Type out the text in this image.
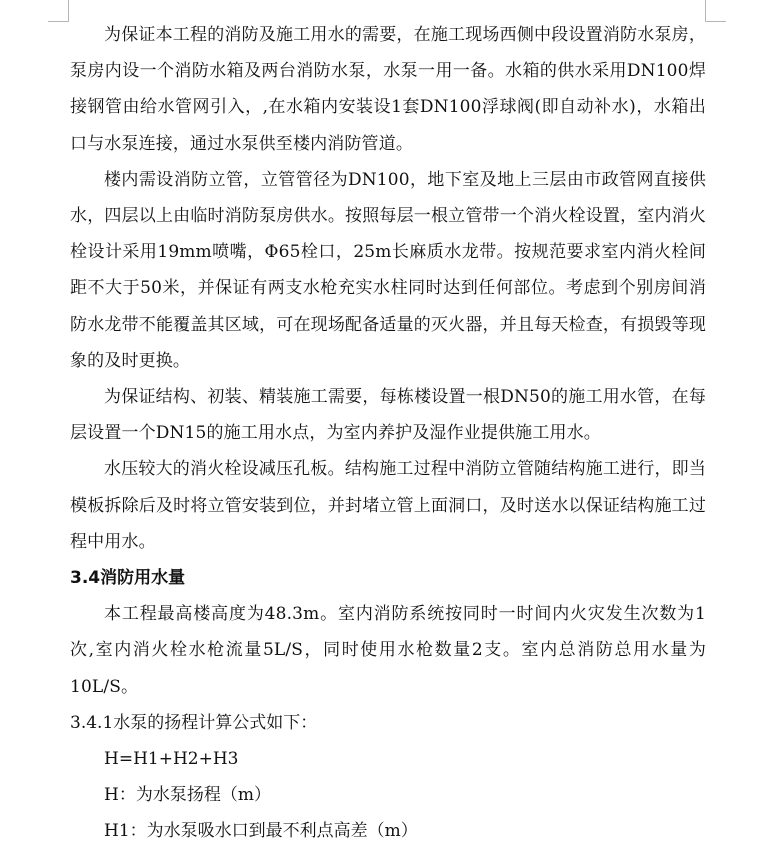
为保证本工程的消防及施工用水的需要，在施工现场西侧中段设置消防水泵房，泵房内设一个消防水箱及两台消防水泵，水泵一用一备。水箱的供水采用DN100焊接钢管由给水管网引入，,在水箱内安装设1套DN100浮球阀(即自动补水)，水箱出口与水泵连接，通过水泵供至楼内消防管道。

楼内需设消防立管，立管管径为DN100，地下室及地上三层由市政管网直接供水，四层以上由临时消防泵房供水。按照每层一根立管带一个消火栓设置，室内消火栓设计采用19mm喷嘴，Φ65栓口，25m长麻质水龙带。按规范要求室内消火栓间距不大于50米，并保证有两支水枪充实水柱同时达到任何部位。考虑到个别房间消防水龙带不能覆盖其区域，可在现场配备适量的灭火器，并且每天检查，有损毁等现象的及时更换。

为保证结构、初装、精装施工需要，每栋楼设置一根DN50的施工用水管，在每层设置一个DN15的施工用水点，为室内养护及湿作业提供施工用水。

水压较大的消火栓设减压孔板。结构施工过程中消防立管随结构施工进行，即当模板拆除后及时将立管安装到位，并封堵立管上面洞口，及时送水以保证结构施工过程中用水。

3.4消防用水量

本工程最高楼高度为48.3m。室内消防系统按同时一时间内火灾发生次数为1次,室内消火栓水枪流量5L/S，同时使用水枪数量2支。室内总消防总用水量为10L/S。

3.4.1水泵的扬程计算公式如下：

H=H1+H2+H3

H：为水泵扬程（m）

H1：为水泵吸水口到最不利点高差（m）
